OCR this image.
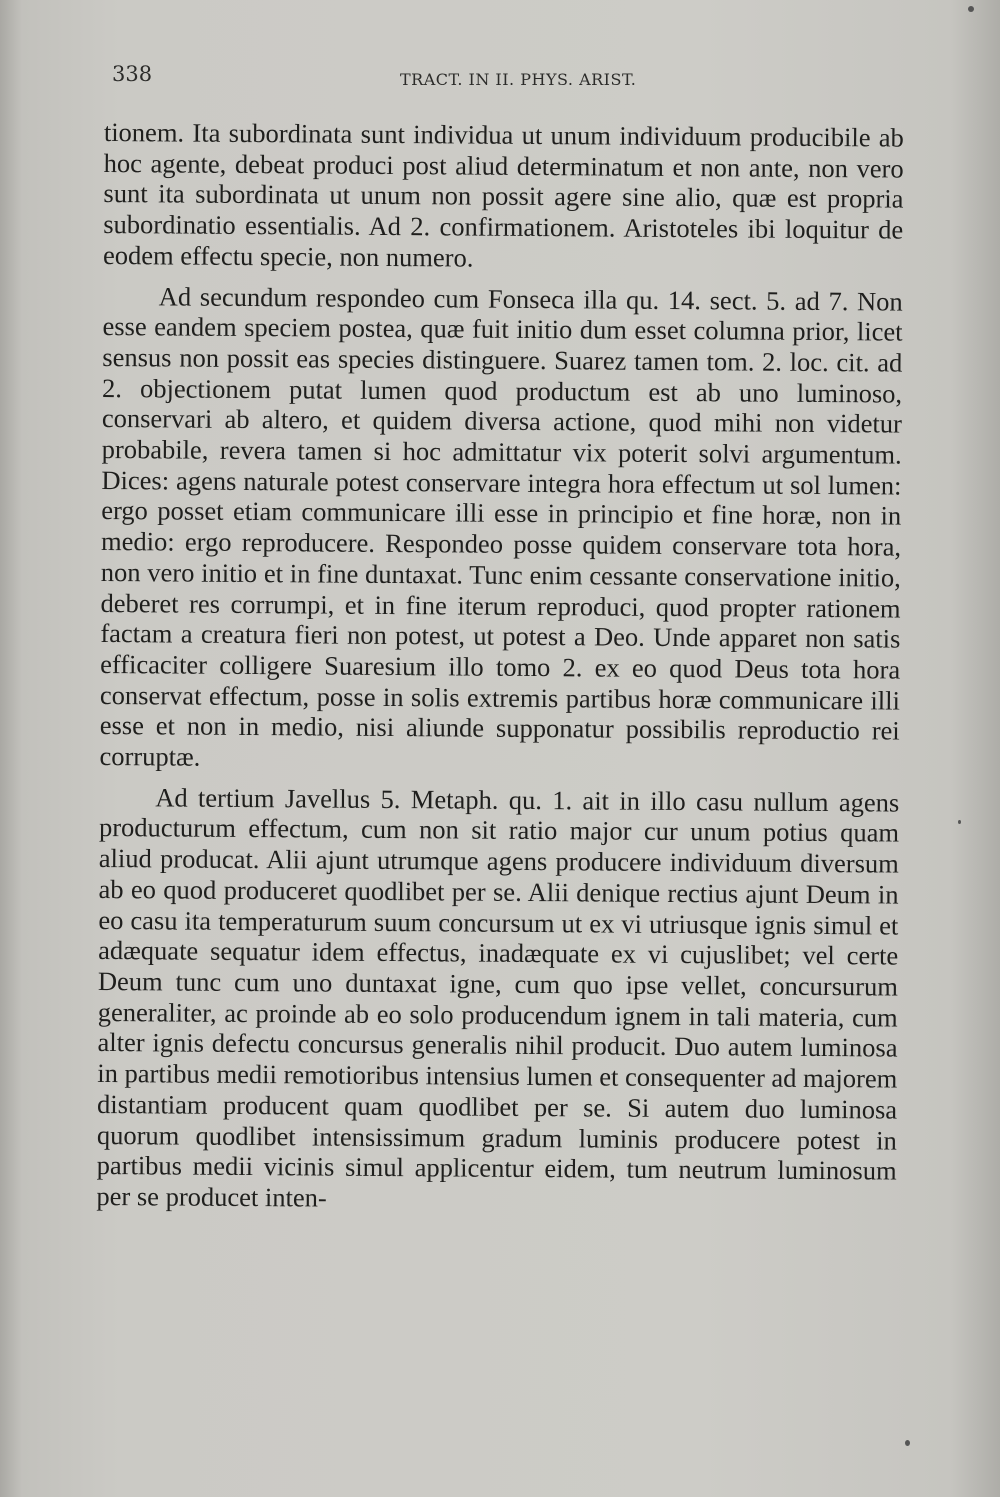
338	TRACT. IN II. PHYS. ARIST.

tionem. Ita subordinata sunt individua ut unum individuum producibile ab hoc agente, debeat produci post aliud determinatum et non ante, non vero sunt ita subordinata ut unum non possit agere sine alio, quæ est propria subordinatio essentialis. Ad 2. confirmationem. Aristoteles ibi loquitur de eodem effectu specie, non numero.

Ad secundum respondeo cum Fonseca illa qu. 14. sect. 5. ad 7. Non esse eandem speciem postea, quæ fuit initio dum esset columna prior, licet sensus non possit eas species distinguere. Suarez tamen tom. 2. loc. cit. ad 2. objectionem putat lumen quod productum est ab uno luminoso, conservari ab altero, et quidem diversa actione, quod mihi non videtur probabile, revera tamen si hoc admittatur vix poterit solvi argumentum. Dices: agens naturale potest conservare integra hora effectum ut sol lumen: ergo posset etiam communicare illi esse in principio et fine horæ, non in medio: ergo reproducere. Respondeo posse quidem conservare tota hora, non vero initio et in fine duntaxat. Tunc enim cessante conservatione initio, deberet res corrumpi, et in fine iterum reproduci, quod propter rationem factam a creatura fieri non potest, ut potest a Deo. Unde apparet non satis efficaciter colligere Suaresium illo tomo 2. ex eo quod Deus tota hora conservat effectum, posse in solis extremis partibus horæ communicare illi esse et non in medio, nisi aliunde supponatur possibilis reproductio rei corruptæ.

Ad tertium Javellus 5. Metaph. qu. 1. ait in illo casu nullum agens producturum effectum, cum non sit ratio major cur unum potius quam aliud producat. Alii ajunt utrumque agens producere individuum diversum ab eo quod produceret quodlibet per se. Alii denique rectius ajunt Deum in eo casu ita temperaturum suum concursum ut ex vi utriusque ignis simul et adæquate sequatur idem effectus, inadæquate ex vi cujuslibet; vel certe Deum tunc cum uno duntaxat igne, cum quo ipse vellet, concursurum generaliter, ac proinde ab eo solo producendum ignem in tali materia, cum alter ignis defectu concursus generalis nihil producit. Duo autem luminosa in partibus medii remotioribus intensius lumen et consequenter ad majorem distantiam producent quam quodlibet per se. Si autem duo luminosa quorum quodlibet intensissimum gradum luminis producere potest in partibus medii vicinis simul applicentur eidem, tum neutrum luminosum per se producet inten-
